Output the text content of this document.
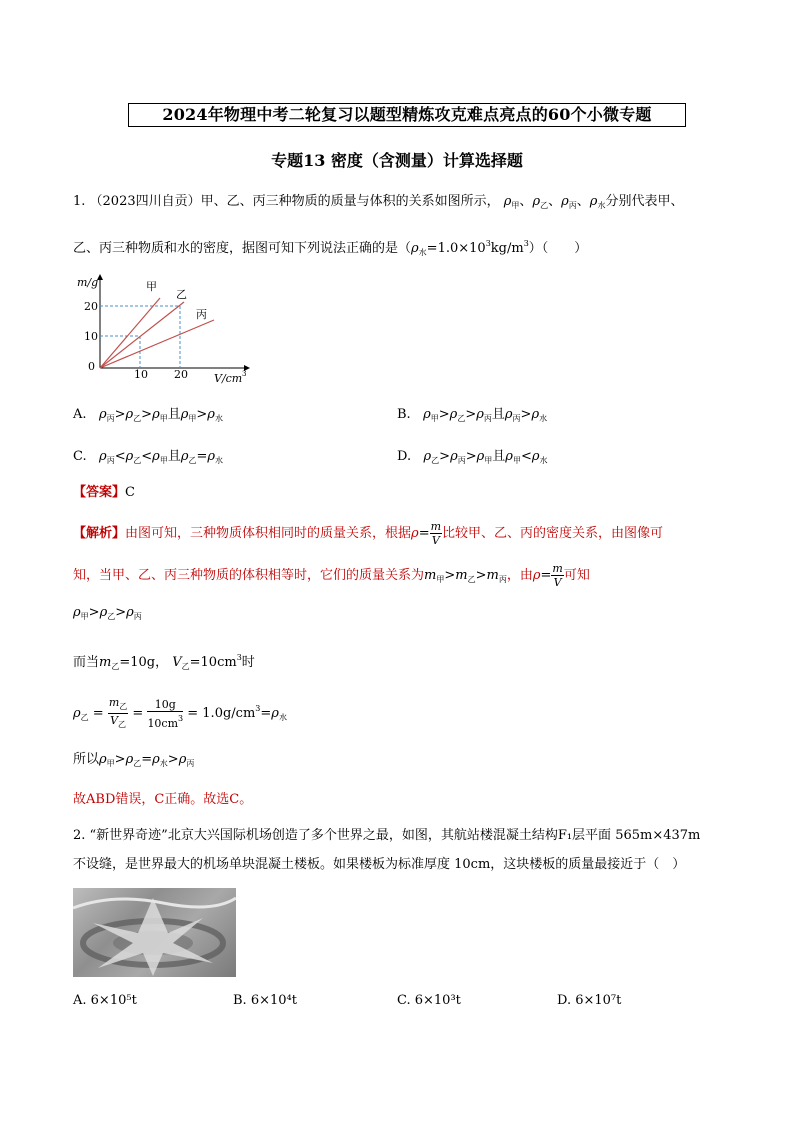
2024年物理中考二轮复习以题型精炼攻克难点亮点的60个小微专题
专题13 密度（含测量）计算选择题
1. （2023四川自贡）甲、乙、丙三种物质的质量与体积的关系如图所示， $\rho_甲$、$\rho_乙$、$\rho_丙$、$\rho_水$分别代表甲、
乙、丙三种物质和水的密度，据图可知下列说法正确的是$(\rho_水=1.0\times 10^3kg/m^3)$（　　）
m/g
20
10
0
10 20 V/cm 3
甲
乙
丙
A. $\rho_丙>\rho_乙>\rho_甲$且$\rho_甲>\rho_水$	B. $\rho_甲>\rho_乙>\rho_丙$且$\rho_丙>\rho_水$
C. $\rho_丙<\rho_乙<\rho_甲$且$\rho_乙=\rho_水$	D. $\rho_乙>\rho_丙>\rho_甲$且$\rho_甲<\rho_水$
【答案】C
【解析】由图可知，三种物质体积相同时的质量关系，根据$\rho= \frac{m}{V}$ 比较甲、乙、丙的密度关系，由图像可
知，当甲、乙、丙三种物质的体积相等时，它们的质量关系为$m_甲>m_乙>m_丙$，由$\rho= \frac{m}{V}$ 可知
$\rho_甲>\rho_乙>\rho_丙$
而当$m_乙=10g$， $V_乙=10cm^3$时
$\rho_乙 = \frac{m_乙}{V_乙} = \frac{10g}{10cm^3} = 1.0g/cm^3=\rho_水$
所以$\rho_甲>\rho_乙=\rho_水>\rho_丙$
故ABD错误，C正确。故选C。
2. “新世界奇迹”北京大兴国际机场创造了多个世界之最，如图，其航站楼混凝土结构F₁层平面 565m×437m
不设缝，是世界最大的机场单块混凝土楼板。如果楼板为标准厚度 10cm，这块楼板的质量最接近于（　）
A. 6×10⁵t	B. 6×10⁴t	C. 6×10³t	D. 6×10⁷t
